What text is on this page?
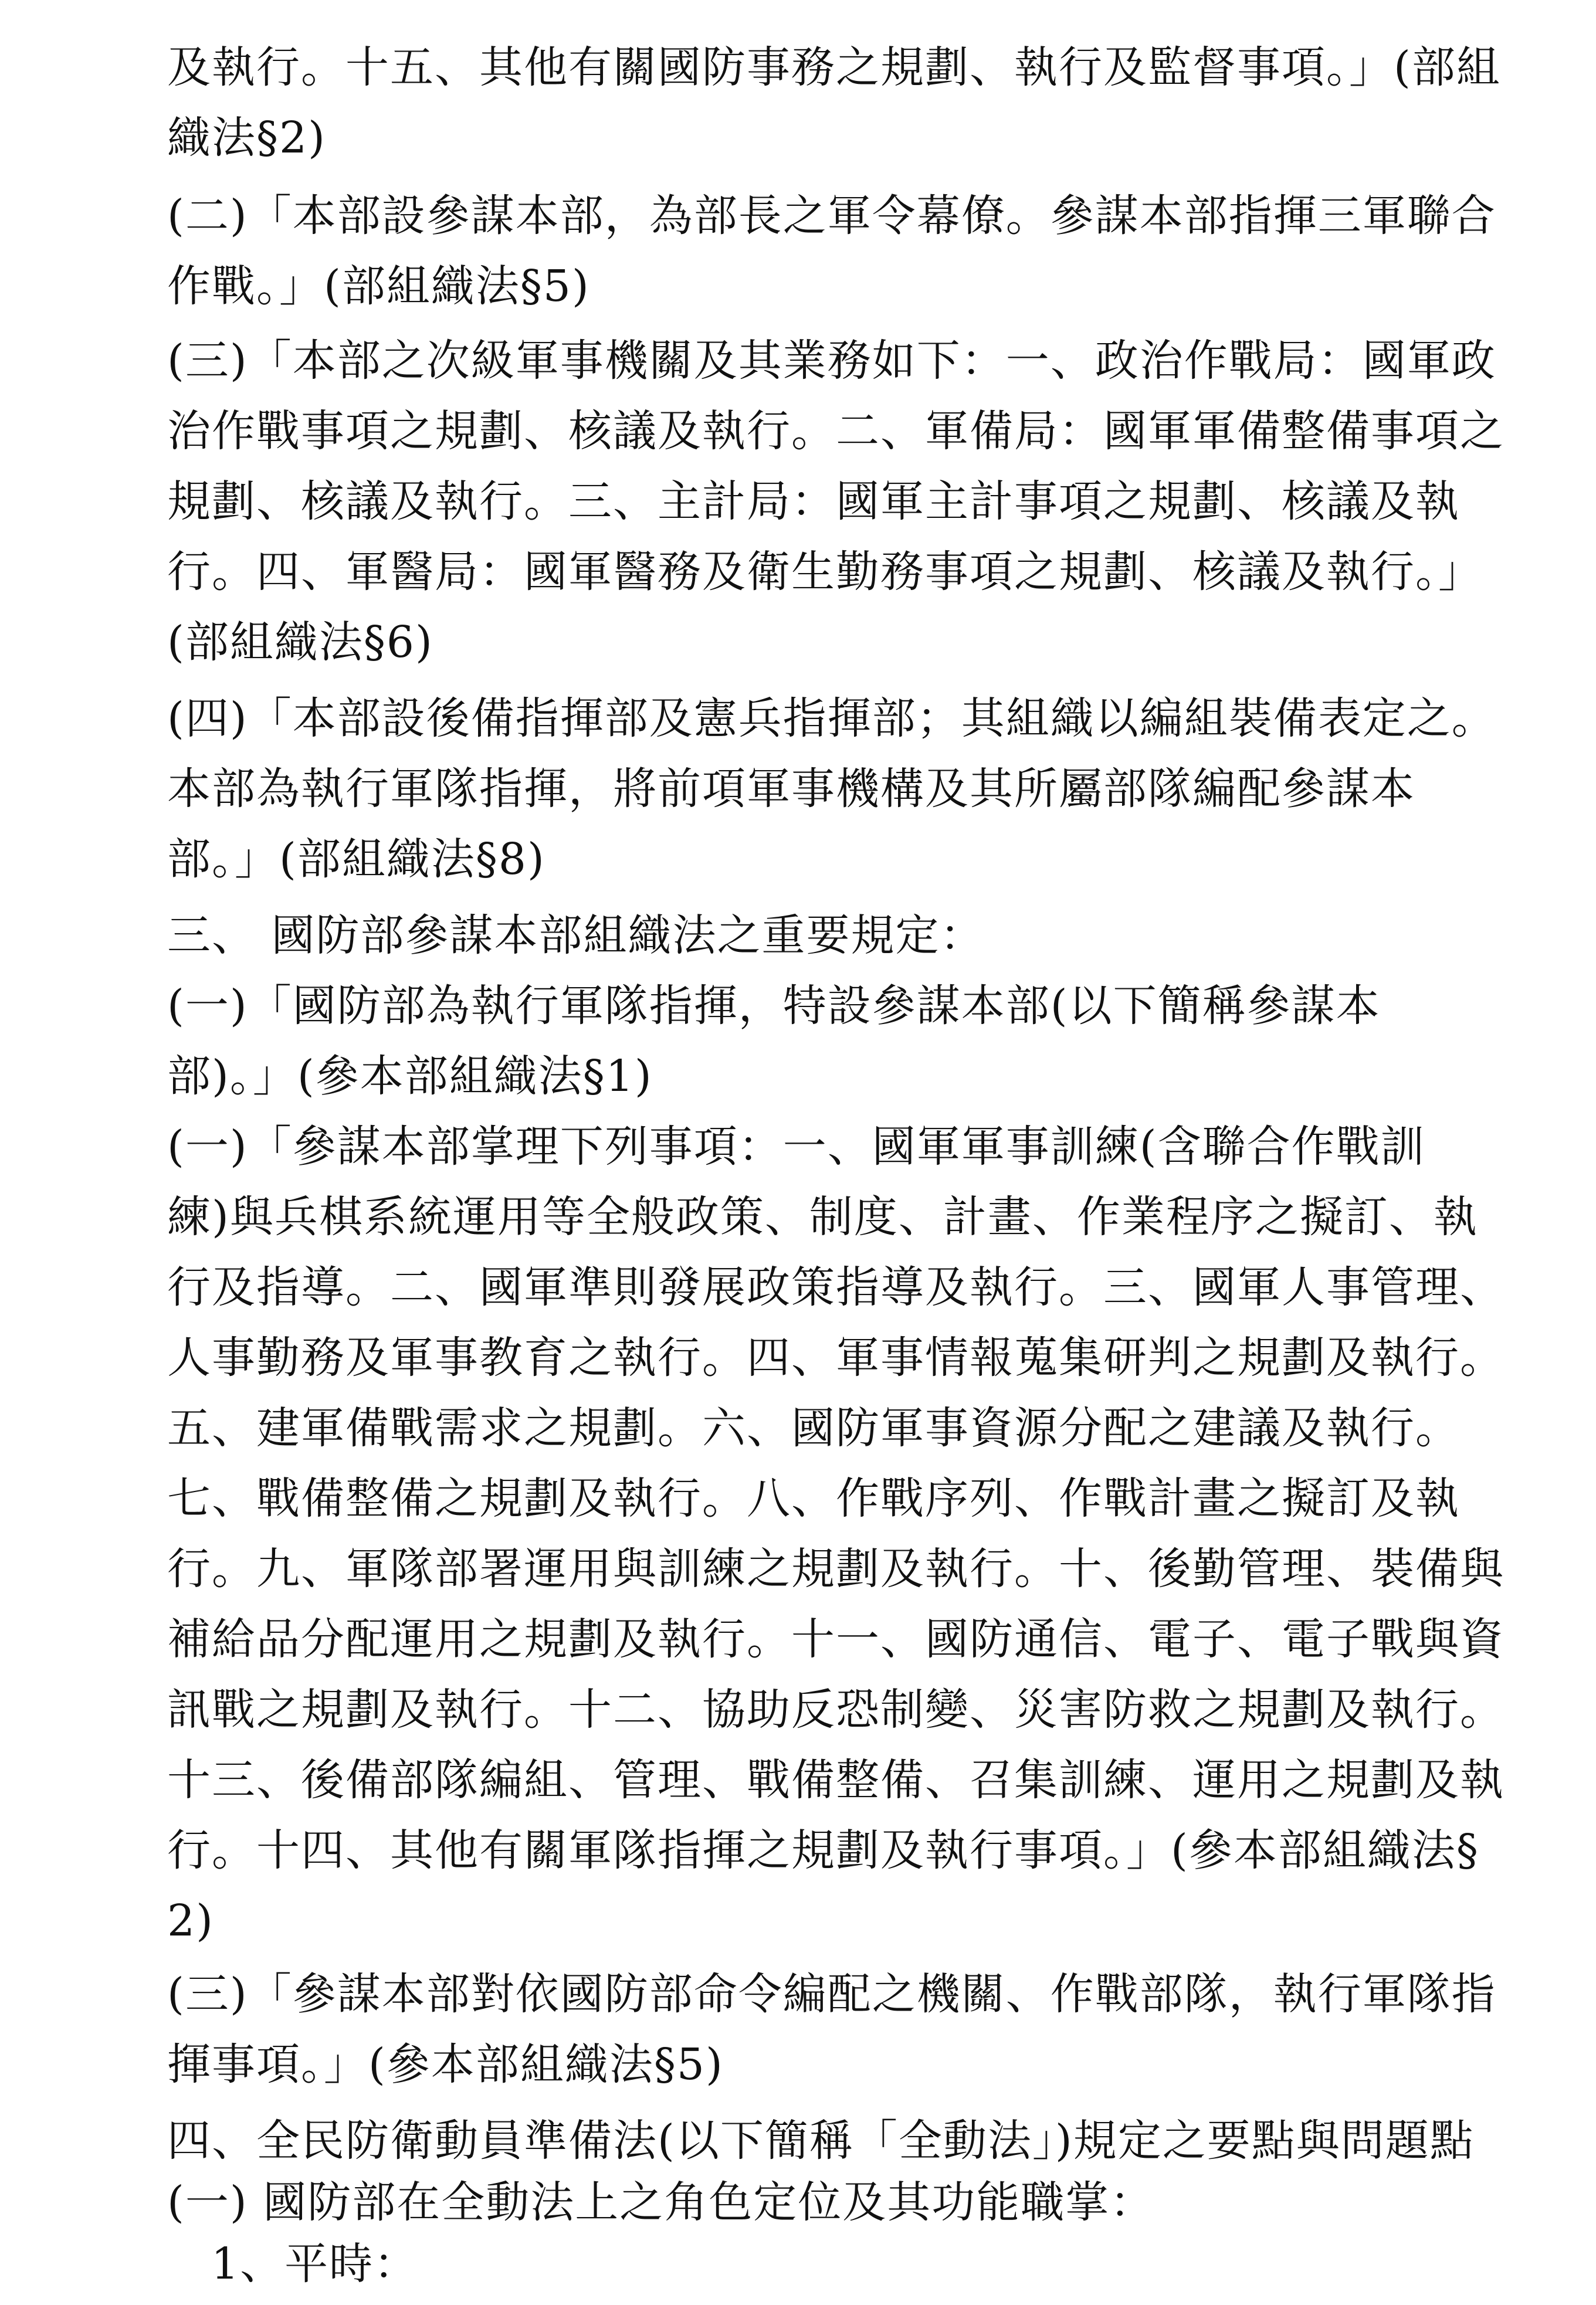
及執行。十五、其他有關國防事務之規劃、執行及監督事項。」(部組
織法§2)
(二)「本部設參謀本部，為部長之軍令幕僚。參謀本部指揮三軍聯合
作戰。」(部組織法§5)
(三)「本部之次級軍事機關及其業務如下：一、政治作戰局：國軍政
治作戰事項之規劃、核議及執行。二、軍備局：國軍軍備整備事項之
規劃、核議及執行。三、主計局：國軍主計事項之規劃、核議及執
行。四、軍醫局：國軍醫務及衛生勤務事項之規劃、核議及執行。」
(部組織法§6)
(四)「本部設後備指揮部及憲兵指揮部；其組織以編組裝備表定之。
本部為執行軍隊指揮，將前項軍事機構及其所屬部隊編配參謀本
部。」(部組織法§8)
三、 國防部參謀本部組織法之重要規定：
(一)「國防部為執行軍隊指揮，特設參謀本部(以下簡稱參謀本
部)。」(參本部組織法§1)
(一)「參謀本部掌理下列事項：一、國軍軍事訓練(含聯合作戰訓
練)與兵棋系統運用等全般政策、制度、計畫、作業程序之擬訂、執
行及指導。二、國軍準則發展政策指導及執行。三、國軍人事管理、
人事勤務及軍事教育之執行。四、軍事情報蒐集研判之規劃及執行。
五、建軍備戰需求之規劃。六、國防軍事資源分配之建議及執行。
七、戰備整備之規劃及執行。八、作戰序列、作戰計畫之擬訂及執
行。九、軍隊部署運用與訓練之規劃及執行。十、後勤管理、裝備與
補給品分配運用之規劃及執行。十一、國防通信、電子、電子戰與資
訊戰之規劃及執行。十二、協助反恐制變、災害防救之規劃及執行。
十三、後備部隊編組、管理、戰備整備、召集訓練、運用之規劃及執
行。十四、其他有關軍隊指揮之規劃及執行事項。」(參本部組織法§
2)
(三)「參謀本部對依國防部命令編配之機關、作戰部隊，執行軍隊指
揮事項。」(參本部組織法§5)
四、全民防衛動員準備法(以下簡稱「全動法」)規定之要點與問題點
(一) 國防部在全動法上之角色定位及其功能職掌：
1、平時：
